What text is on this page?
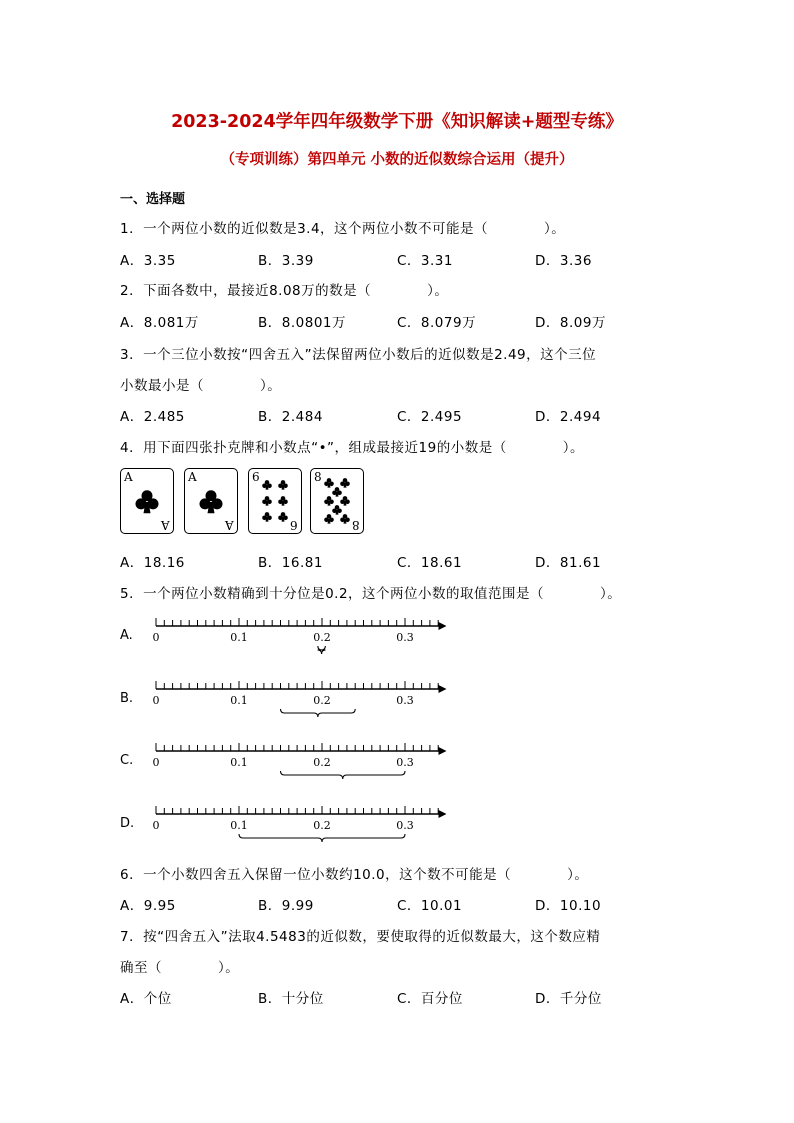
2023-2024学年四年级数学下册《知识解读+题型专练》
（专项训练）第四单元 小数的近似数综合运用（提升）
一、选择题
1．一个两位小数的近似数是3.4，这个两位小数不可能是（　　　　）。
A．3.35	B．3.39	C．3.31	D．3.36
2．下面各数中，最接近8.08万的数是（　　　　）。
A．8.081万	B．8.0801万	C．8.079万	D．8.09万
3．一个三位小数按“四舍五入”法保留两位小数后的近似数是2.49，这个三位
小数最小是（　　　　）。
A．2.485	B．2.484	C．2.495	D．2.494
4．用下面四张扑克牌和小数点“•”，组成最接近19的小数是（　　　　）。
A
A
A
A
6
6
8
8
A．18.16	B．16.81	C．18.61	D．81.61
5．一个两位小数精确到十分位是0.2，这个两位小数的取值范围是（　　　　）。
A. 0	0.1	0.2	0.3
B. 0	0.1	0.2	0.3
C. 0	0.1	0.2	0.3
D. 0	0.1	0.2	0.3
6．一个小数四舍五入保留一位小数约10.0，这个数不可能是（　　　　）。
A．9.95	B．9.99	C．10.01	D．10.10
7．按“四舍五入”法取4.5483的近似数，要使取得的近似数最大，这个数应精
确至（　　　　）。
A．个位	B．十分位	C．百分位	D．千分位
